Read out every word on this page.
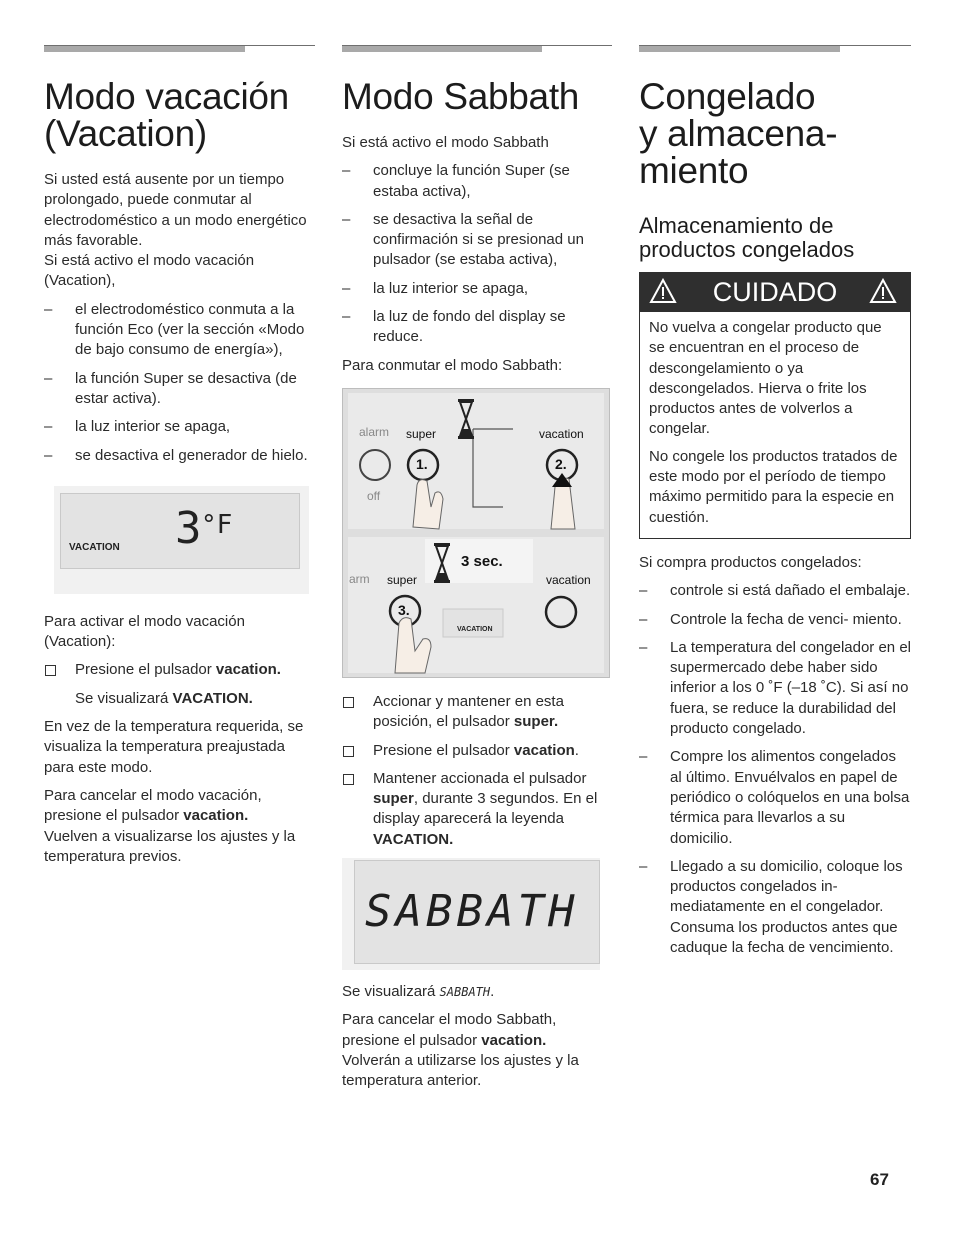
Modo vacación
(Vacation)

Si usted está ausente por un tiempo prolongado, puede conmutar al electrodoméstico a un modo energético más favorable.

Si está activo el modo vacación (Vacation),

– el electrodoméstico conmuta a la función Eco (ver la sección «Modo de bajo consumo de energía»),
– la función Super se desactiva (de estar activa).
– la luz interior se apaga,
– se desactiva el generador de hielo.
3 °F
VACATION

Para activar el modo vacación (Vacation):

Presione el pulsador vacation.

Se visualizará VACATION.

En vez de la temperatura requerida, se visualiza la temperatura preajustada para este modo.

Para cancelar el modo vacación, presione el pulsador vacation.
Vuelven a visualizarse los ajustes y la temperatura previos.

Modo Sabbath

Si está activo el modo Sabbath

– concluye la función Super (se estaba activa),
– se desactiva la señal de confirmación si se presionad un pulsador (se estaba activa),
– la luz interior se apaga,
– la luz de fondo del display se reduce.

Para conmutar el modo Sabbath:

alarm super	vacation
off
1.	2.
3 sec.
arm super	vacation
3.
VACATION
Accionar y mantener en esta posición, el pulsador super.
Presione el pulsador vacation.
Mantener accionada el pulsador super, durante 3 segundos. En el display aparecerá la leyenda VACATION.
SABBATH

Se visualizará SABBATH.

Para cancelar el modo Sabbath, presione el pulsador vacation.
Volverán a utilizarse los ajustes y la temperatura anterior.

Congelado
y almacena-
miento
Almacenamiento de
productos congelados
CUIDADO

No vuelva a congelar producto que se encuentran en el proceso de descongelamiento o ya descongelados. Hierva o frite los productos antes de volverlos a congelar.

No congele los productos tratados de este modo por el período de tiempo máximo permitido para la especie en cuestión.

Si compra productos congelados:

– controle si está dañado el embalaje.
– Controle la fecha de venci- miento.
– La temperatura del congelador en el supermercado debe haber sido inferior a los 0 ˚F (–18 ˚C). Si así no fuera, se reduce la durabilidad del producto congelado.
– Compre los alimentos congelados al último. Envuélvalos en papel de periódico o colóquelos en una bolsa térmica para llevarlos a su domicilio.
– Llegado a su domicilio, coloque los productos congelados in- mediatamente en el congelador. Consuma los productos antes que caduque la fecha de vencimiento.
67
